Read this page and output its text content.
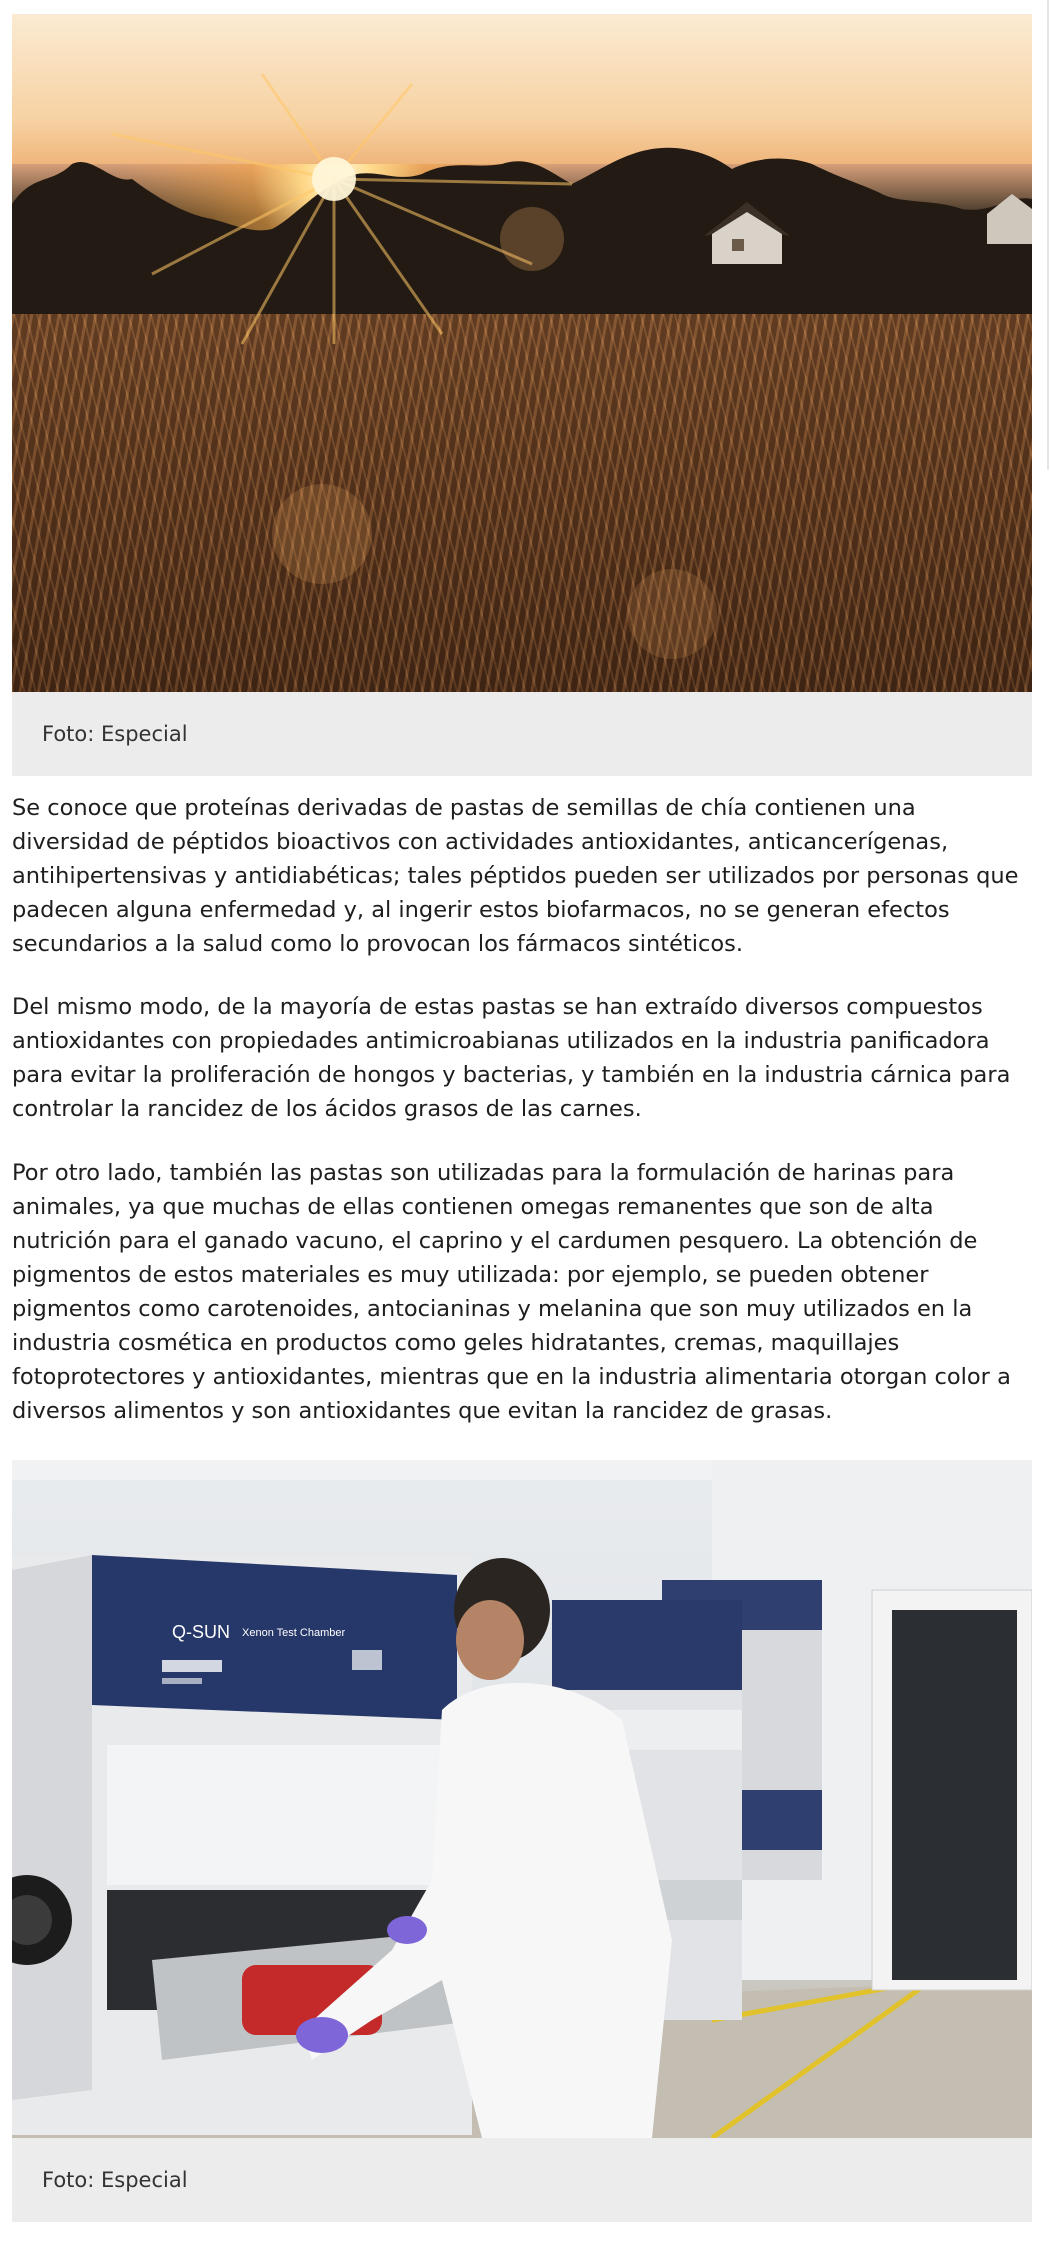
Foto: Especial

Se conoce que proteínas derivadas de pastas de semillas de chía contienen una diversidad de péptidos bioactivos con actividades antioxidantes, anticancerígenas, antihipertensivas y antidiabéticas; tales péptidos pueden ser utilizados por personas que padecen alguna enfermedad y, al ingerir estos biofarmacos, no se generan efectos secundarios a la salud como lo provocan los fármacos sintéticos.

Del mismo modo, de la mayoría de estas pastas se han extraído diversos compuestos antioxidantes con propiedades antimicroabianas utilizados en la industria panificadora para evitar la proliferación de hongos y bacterias, y también en la industria cárnica para controlar la rancidez de los ácidos grasos de las carnes.

Por otro lado, también las pastas son utilizadas para la formulación de harinas para animales, ya que muchas de ellas contienen omegas remanentes que son de alta nutrición para el ganado vacuno, el caprino y el cardumen pesquero. La obtención de pigmentos de estos materiales es muy utilizada: por ejemplo, se pueden obtener pigmentos como carotenoides, antocianinas y melanina que son muy utilizados en la industria cosmética en productos como geles hidratantes, cremas, maquillajes fotoprotectores y antioxidantes, mientras que en la industria alimentaria otorgan color a diversos alimentos y son antioxidantes que evitan la rancidez de grasas.

Q-SUN Xenon Test Chamber
Foto: Especial
